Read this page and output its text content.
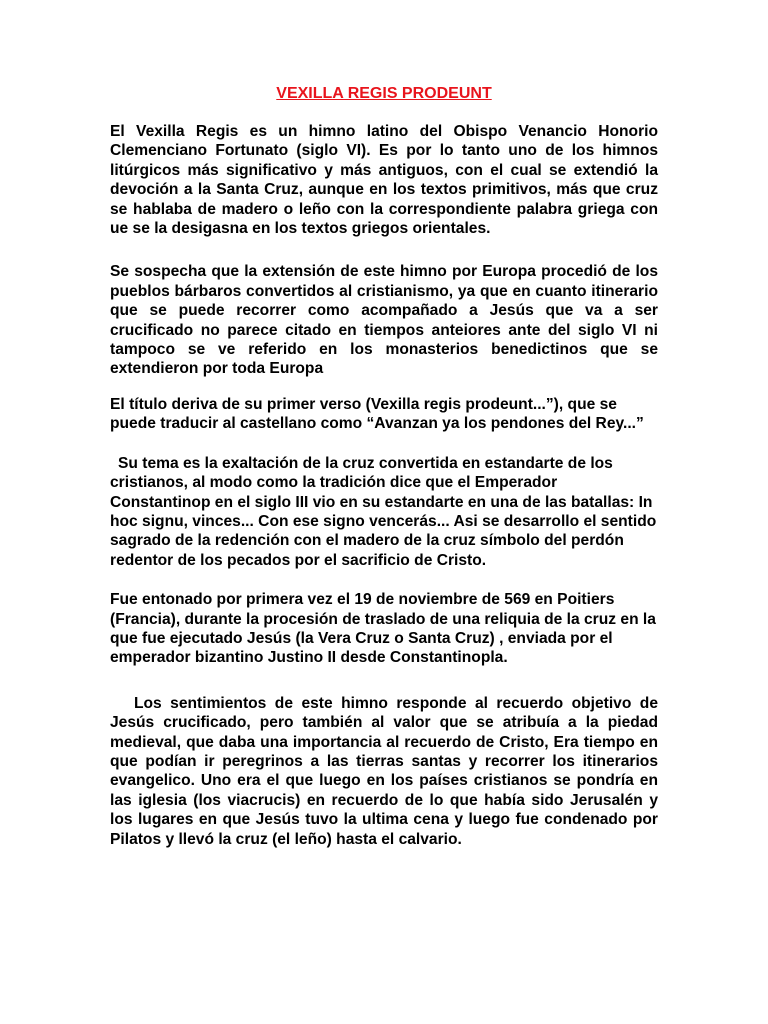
VEXILLA REGIS PRODEUNT

El Vexilla Regis es un himno latino del Obispo Venancio Honorio Clemenciano Fortunato (siglo VI). Es por lo tanto uno de los himnos litúrgicos más significativo y más antiguos, con el cual se extendió la devoción a la Santa Cruz, aunque en los textos primitivos, más que cruz se hablaba de madero o leño con la correspondiente palabra griega con ue se la desigasna en los textos griegos orientales.

Se sospecha que la extensión de este himno por Europa procedió de los pueblos bárbaros convertidos al cristianismo, ya que en cuanto itinerario que se puede recorrer como acompañado a Jesús que va a ser crucificado no parece citado en tiempos anteiores ante del siglo VI ni tampoco se ve referido en los monasterios benedictinos que se extendieron por toda Europa

El título deriva de su primer verso (Vexilla regis prodeunt...”), que se puede traducir al castellano como “Avanzan ya los pendones del Rey...”

Su tema es la exaltación de la cruz convertida en estandarte de los cristianos, al modo como la tradición dice que el Emperador Constantinop en el siglo III vio en su estandarte en una de las batallas: In hoc signu, vinces... Con ese signo vencerás... Asi se desarrollo el sentido sagrado de la redención con el madero de la cruz símbolo del perdón redentor de los pecados por el sacrificio de Cristo.

Fue entonado por primera vez el 19 de noviembre de 569 en Poitiers (Francia), durante la procesión de traslado de una reliquia de la cruz en la que fue ejecutado Jesús (la Vera Cruz o Santa Cruz) , enviada por el emperador bizantino Justino II desde Constantinopla.

Los sentimientos de este himno responde al recuerdo objetivo de Jesús crucificado, pero también al valor que se atribuía a la piedad medieval, que daba una importancia al recuerdo de Cristo, Era tiempo en que podían ir peregrinos a las tierras santas y recorrer los itinerarios evangelico. Uno era el que luego en los países cristianos se pondría en las iglesia (los viacrucis) en recuerdo de lo que había sido Jerusalén y los lugares en que Jesús tuvo la ultima cena y luego fue condenado por Pilatos y llevó la cruz (el leño) hasta el calvario.
